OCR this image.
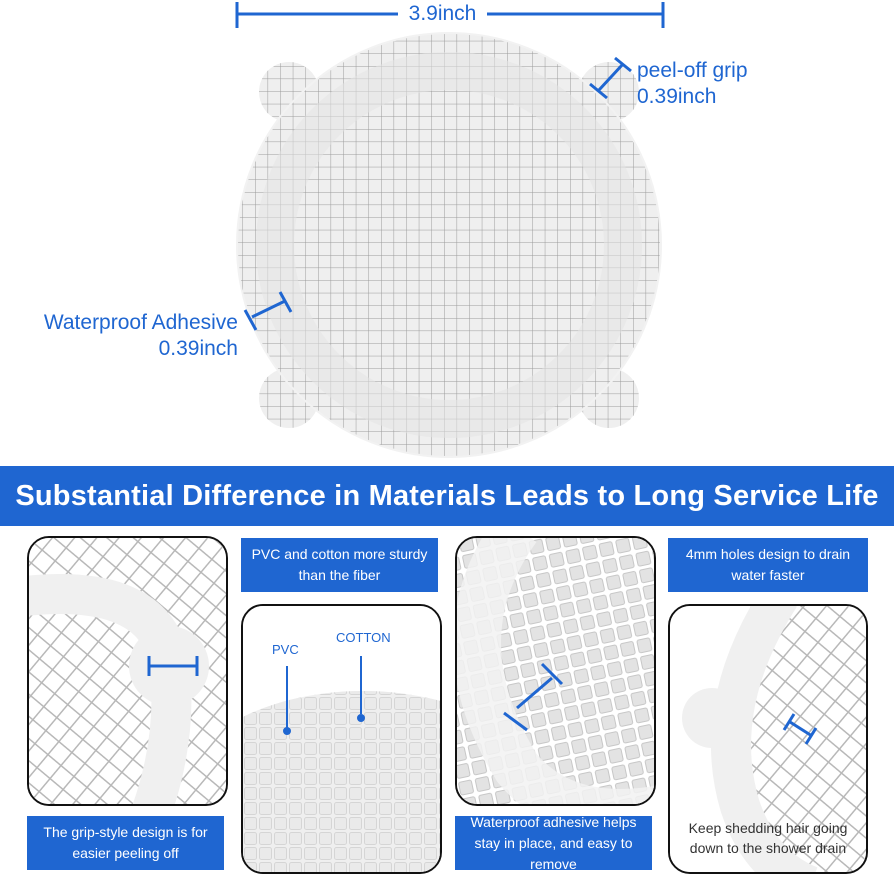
3.9inch
peel-off grip
0.39inch
Waterproof Adhesive
0.39inch
Substantial Difference in Materials Leads to Long Service Life
The grip-style design is for easier peeling off
PVC and cotton more sturdy than the fiber
PVC
COTTON
Waterproof adhesive helps stay in place, and easy to remove
4mm holes design to drain water faster
Keep shedding hair going down to the shower drain
